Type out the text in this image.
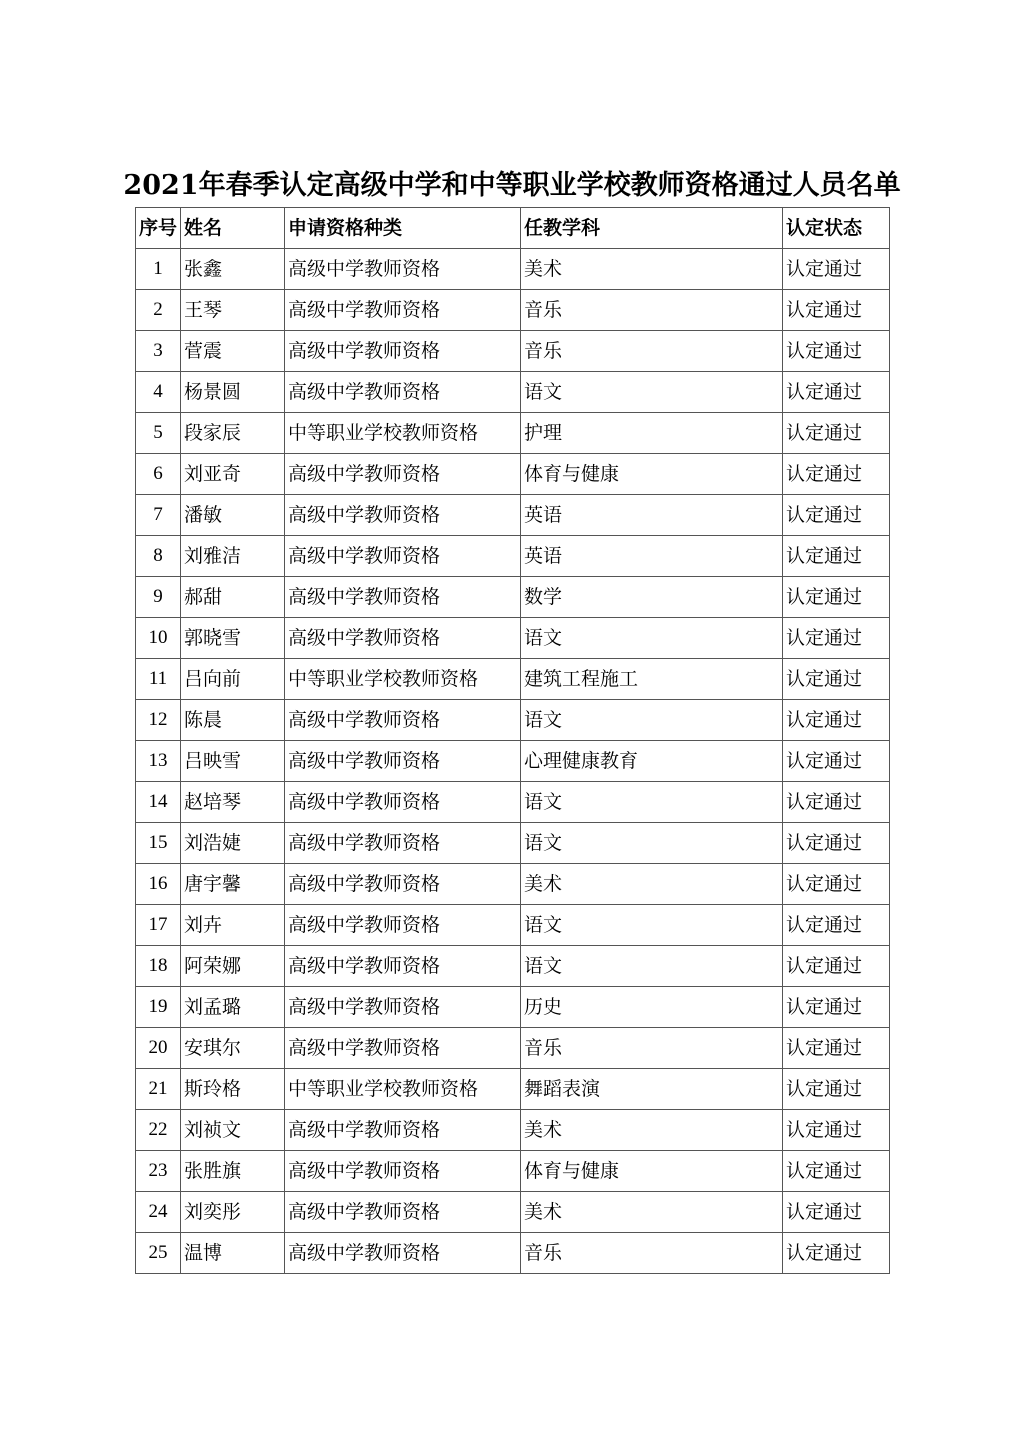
2021年春季认定高级中学和中等职业学校教师资格通过人员名单
序号	姓名	申请资格种类	任教学科	认定状态
1	张鑫	高级中学教师资格	美术	认定通过
2	王琴	高级中学教师资格	音乐	认定通过
3	菅震	高级中学教师资格	音乐	认定通过
4	杨景圆	高级中学教师资格	语文	认定通过
5	段家辰	中等职业学校教师资格	护理	认定通过
6	刘亚奇	高级中学教师资格	体育与健康	认定通过
7	潘敏	高级中学教师资格	英语	认定通过
8	刘雅洁	高级中学教师资格	英语	认定通过
9	郝甜	高级中学教师资格	数学	认定通过
10	郭晓雪	高级中学教师资格	语文	认定通过
11	吕向前	中等职业学校教师资格	建筑工程施工	认定通过
12	陈晨	高级中学教师资格	语文	认定通过
13	吕映雪	高级中学教师资格	心理健康教育	认定通过
14	赵培琴	高级中学教师资格	语文	认定通过
15	刘浩婕	高级中学教师资格	语文	认定通过
16	唐宇馨	高级中学教师资格	美术	认定通过
17	刘卉	高级中学教师资格	语文	认定通过
18	阿荣娜	高级中学教师资格	语文	认定通过
19	刘孟璐	高级中学教师资格	历史	认定通过
20	安琪尔	高级中学教师资格	音乐	认定通过
21	斯玲格	中等职业学校教师资格	舞蹈表演	认定通过
22	刘祯文	高级中学教师资格	美术	认定通过
23	张胜旗	高级中学教师资格	体育与健康	认定通过
24	刘奕彤	高级中学教师资格	美术	认定通过
25	温博	高级中学教师资格	音乐	认定通过
